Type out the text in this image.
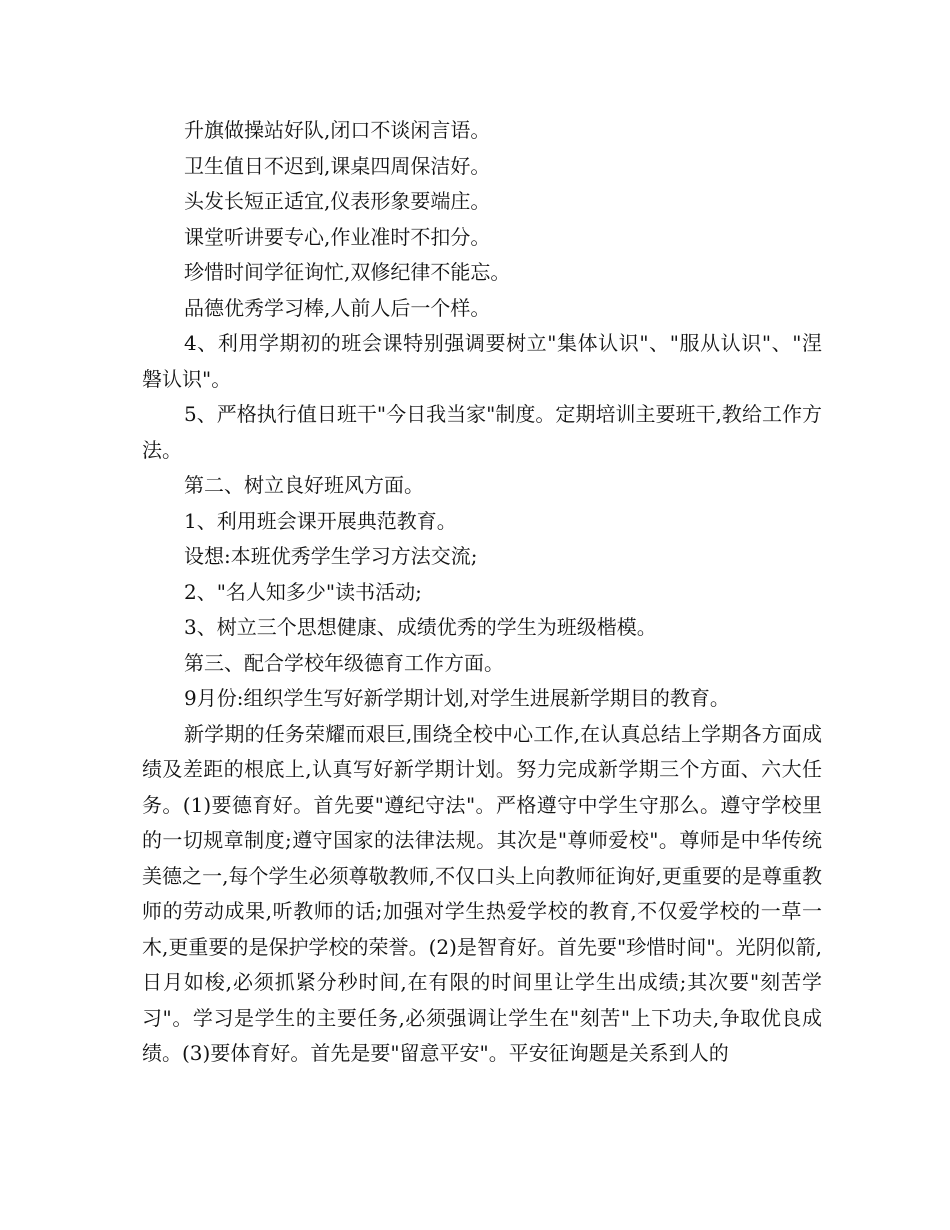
升旗做操站好队,闭口不谈闲言语。

卫生值日不迟到,课桌四周保洁好。

头发长短正适宜,仪表形象要端庄。

课堂听讲要专心,作业准时不扣分。

珍惜时间学征询忙,双修纪律不能忘。

品德优秀学习棒,人前人后一个样。

4、利用学期初的班会课特别强调要树立"集体认识"、"服从认识"、"涅磐认识"。

5、严格执行值日班干"今日我当家"制度。定期培训主要班干,教给工作方法。

第二、树立良好班风方面。

1、利用班会课开展典范教育。

设想:本班优秀学生学习方法交流;

2、"名人知多少"读书活动;

3、树立三个思想健康、成绩优秀的学生为班级楷模。

第三、配合学校年级德育工作方面。

9月份:组织学生写好新学期计划,对学生进展新学期目的教育。

新学期的任务荣耀而艰巨,围绕全校中心工作,在认真总结上学期各方面成绩及差距的根底上,认真写好新学期计划。努力完成新学期三个方面、六大任务。(1)要德育好。首先要"遵纪守法"。严格遵守中学生守那么。遵守学校里的一切规章制度;遵守国家的法律法规。其次是"尊师爱校"。尊师是中华传统美德之一,每个学生必须尊敬教师,不仅口头上向教师征询好,更重要的是尊重教师的劳动成果,听教师的话;加强对学生热爱学校的教育,不仅爱学校的一草一木,更重要的是保护学校的荣誉。(2)是智育好。首先要"珍惜时间"。光阴似箭,日月如梭,必须抓紧分秒时间,在有限的时间里让学生出成绩;其次要"刻苦学习"。学习是学生的主要任务,必须强调让学生在"刻苦"上下功夫,争取优良成绩。(3)要体育好。首先是要"留意平安"。平安征询题是关系到人的
